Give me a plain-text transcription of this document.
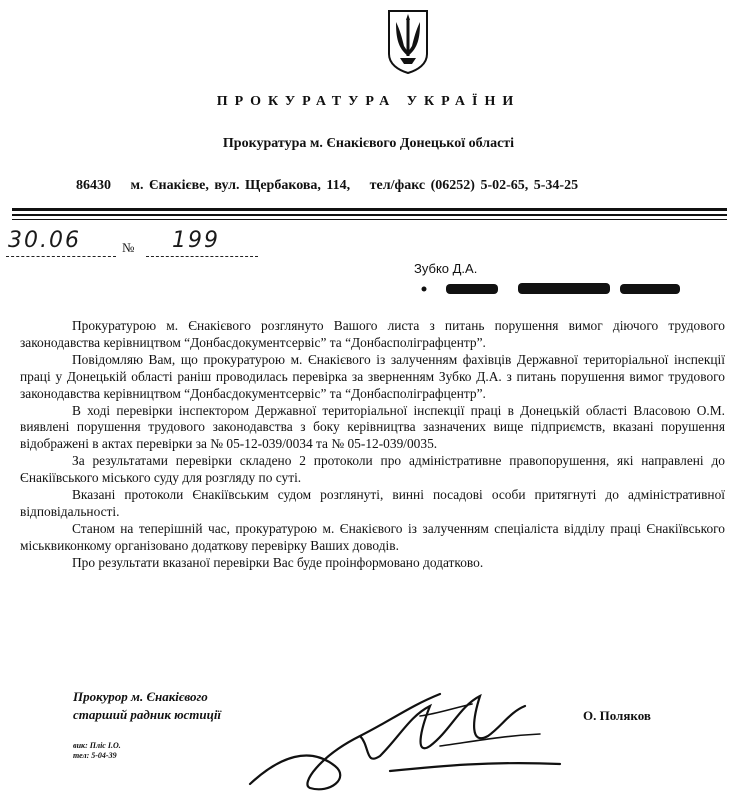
ПРОКУРАТУРА УКРАЇНИ
Прокуратура м. Єнакієвого Донецької області
86430 м. Єнакієве, вул. Щербакова, 114, тел/факс (06252) 5-02-65, 5-34-25
30.06	№ 199
Зубко Д.А.

Прокуратурою м. Єнакієвого розглянуто Вашого листа з питань порушення вимог діючого трудового законодавства керівництвом “Донбасдокументсервіс” та “Донбасполіграфцентр”.

Повідомляю Вам, що прокуратурою м. Єнакієвого із залученням фахівців Державної територіальної інспекції праці у Донецькій області раніш проводилась перевірка за зверненням Зубко Д.А. з питань порушення вимог трудового законодавства керівництвом “Донбасдокументсервіс” та “Донбасполіграфцентр”.

В ході перевірки інспектором Державної територіальної інспекції праці в Донецькій області Власовою О.М. виявлені порушення трудового законодавства з боку керівництва зазначених вище підприємств, вказані порушення відображені в актах перевірки за № 05-12-039/0034 та № 05-12-039/0035.

За результатами перевірки складено 2 протоколи про адміністративне правопорушення, які направлені до Єнакіївського міського суду для розгляду по суті.

Вказані протоколи Єнакіївським судом розглянуті, винні посадові особи притягнуті до адміністративної відповідальності.

Станом на теперішній час, прокуратурою м. Єнакієвого із залученням спеціаліста відділу праці Єнакіївського міськвиконкому організовано додаткову перевірку Ваших доводів.

Про результати вказаної перевірки Вас буде проінформовано додатково.

Прокурор м. Єнакієвого
старший радник юстиції	О. Поляков
вик: Пліс І.О.
тел: 5-04-39
